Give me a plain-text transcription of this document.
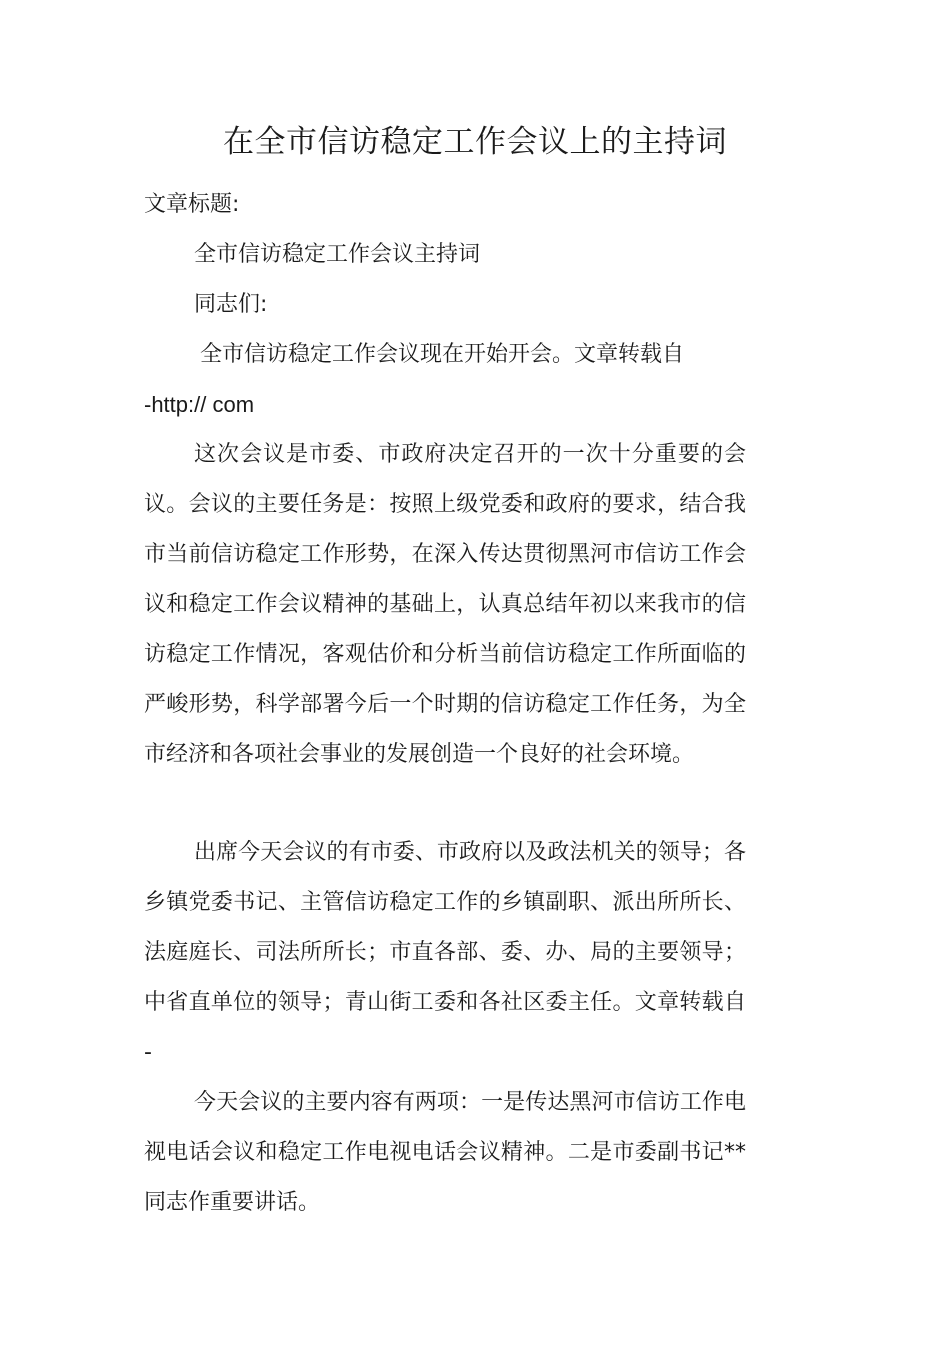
在全市信访稳定工作会议上的主持词

文章标题:

全市信访稳定工作会议主持词

同志们:

全市信访稳定工作会议现在开始开会。文章转载自

-http:// com

这次会议是市委、市政府决定召开的一次十分重要的会议。会议的主要任务是：按照上级党委和政府的要求，结合我市当前信访稳定工作形势，在深入传达贯彻黑河市信访工作会议和稳定工作会议精神的基础上，认真总结年初以来我市的信访稳定工作情况，客观估价和分析当前信访稳定工作所面临的严峻形势，科学部署今后一个时期的信访稳定工作任务，为全市经济和各项社会事业的发展创造一个良好的社会环境。

出席今天会议的有市委、市政府以及政法机关的领导；各乡镇党委书记、主管信访稳定工作的乡镇副职、派出所所长、法庭庭长、司法所所长；市直各部、委、办、局的主要领导；中省直单位的领导；青山街工委和各社区委主任。文章转载自 -

今天会议的主要内容有两项：一是传达黑河市信访工作电视电话会议和稳定工作电视电话会议精神。二是市委副书记** 同志作重要讲话。
